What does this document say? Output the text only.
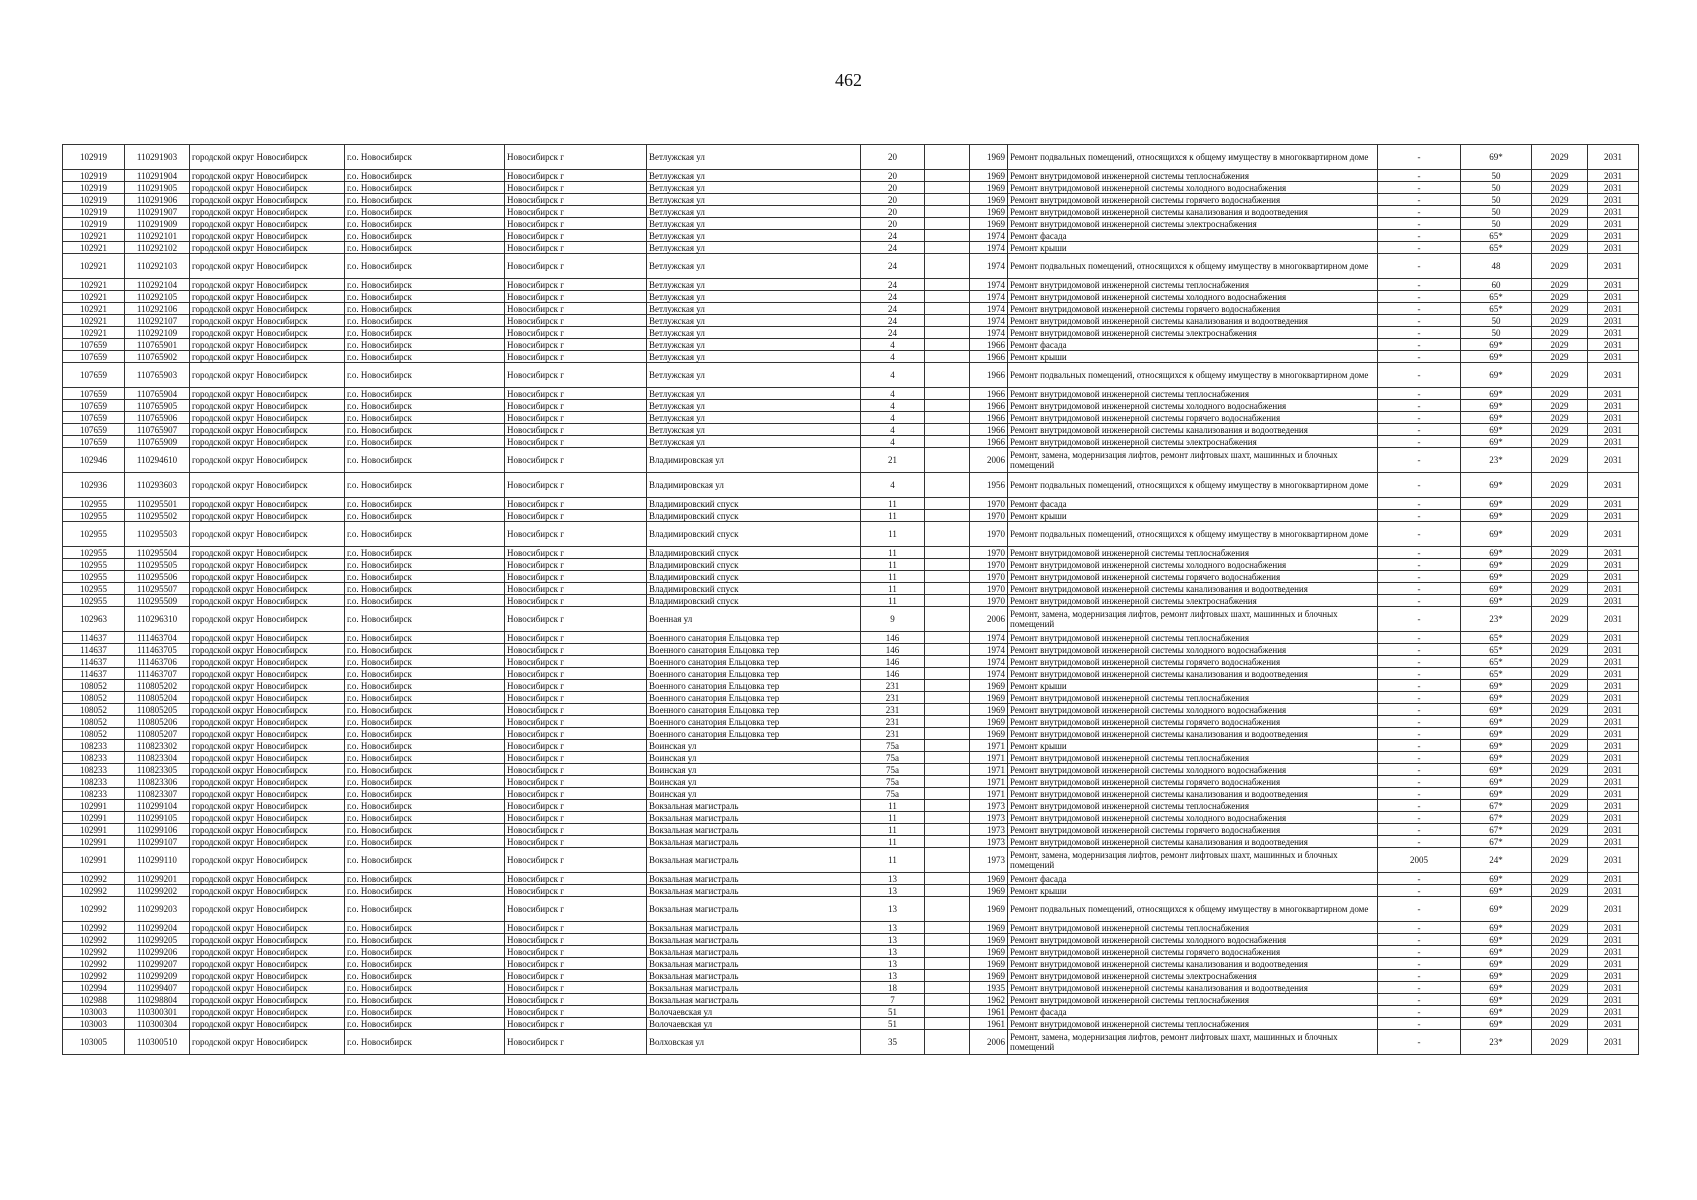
462
102919	110291903	городской округ Новосибирск	г.о. Новосибирск	Новосибирск г	Ветлужская ул	20		1969	Ремонт подвальных помещений, относящихся к общему имуществу в многоквартирном доме	-	69*	2029	2031
102919	110291904	городской округ Новосибирск	г.о. Новосибирск	Новосибирск г	Ветлужская ул	20		1969	Ремонт внутридомовой инженерной системы теплоснабжения	-	50	2029	2031
102919	110291905	городской округ Новосибирск	г.о. Новосибирск	Новосибирск г	Ветлужская ул	20		1969	Ремонт внутридомовой инженерной системы холодного водоснабжения	-	50	2029	2031
102919	110291906	городской округ Новосибирск	г.о. Новосибирск	Новосибирск г	Ветлужская ул	20		1969	Ремонт внутридомовой инженерной системы горячего водоснабжения	-	50	2029	2031
102919	110291907	городской округ Новосибирск	г.о. Новосибирск	Новосибирск г	Ветлужская ул	20		1969	Ремонт внутридомовой инженерной системы канализования и водоотведения	-	50	2029	2031
102919	110291909	городской округ Новосибирск	г.о. Новосибирск	Новосибирск г	Ветлужская ул	20		1969	Ремонт внутридомовой инженерной системы электроснабжения	-	50	2029	2031
102921	110292101	городской округ Новосибирск	г.о. Новосибирск	Новосибирск г	Ветлужская ул	24		1974	Ремонт фасада	-	65*	2029	2031
102921	110292102	городской округ Новосибирск	г.о. Новосибирск	Новосибирск г	Ветлужская ул	24		1974	Ремонт крыши	-	65*	2029	2031
102921	110292103	городской округ Новосибирск	г.о. Новосибирск	Новосибирск г	Ветлужская ул	24		1974	Ремонт подвальных помещений, относящихся к общему имуществу в многоквартирном доме	-	48	2029	2031
102921	110292104	городской округ Новосибирск	г.о. Новосибирск	Новосибирск г	Ветлужская ул	24		1974	Ремонт внутридомовой инженерной системы теплоснабжения	-	60	2029	2031
102921	110292105	городской округ Новосибирск	г.о. Новосибирск	Новосибирск г	Ветлужская ул	24		1974	Ремонт внутридомовой инженерной системы холодного водоснабжения	-	65*	2029	2031
102921	110292106	городской округ Новосибирск	г.о. Новосибирск	Новосибирск г	Ветлужская ул	24		1974	Ремонт внутридомовой инженерной системы горячего водоснабжения	-	65*	2029	2031
102921	110292107	городской округ Новосибирск	г.о. Новосибирск	Новосибирск г	Ветлужская ул	24		1974	Ремонт внутридомовой инженерной системы канализования и водоотведения	-	50	2029	2031
102921	110292109	городской округ Новосибирск	г.о. Новосибирск	Новосибирск г	Ветлужская ул	24		1974	Ремонт внутридомовой инженерной системы электроснабжения	-	50	2029	2031
107659	110765901	городской округ Новосибирск	г.о. Новосибирск	Новосибирск г	Ветлужская ул	4		1966	Ремонт фасада	-	69*	2029	2031
107659	110765902	городской округ Новосибирск	г.о. Новосибирск	Новосибирск г	Ветлужская ул	4		1966	Ремонт крыши	-	69*	2029	2031
107659	110765903	городской округ Новосибирск	г.о. Новосибирск	Новосибирск г	Ветлужская ул	4		1966	Ремонт подвальных помещений, относящихся к общему имуществу в многоквартирном доме	-	69*	2029	2031
107659	110765904	городской округ Новосибирск	г.о. Новосибирск	Новосибирск г	Ветлужская ул	4		1966	Ремонт внутридомовой инженерной системы теплоснабжения	-	69*	2029	2031
107659	110765905	городской округ Новосибирск	г.о. Новосибирск	Новосибирск г	Ветлужская ул	4		1966	Ремонт внутридомовой инженерной системы холодного водоснабжения	-	69*	2029	2031
107659	110765906	городской округ Новосибирск	г.о. Новосибирск	Новосибирск г	Ветлужская ул	4		1966	Ремонт внутридомовой инженерной системы горячего водоснабжения	-	69*	2029	2031
107659	110765907	городской округ Новосибирск	г.о. Новосибирск	Новосибирск г	Ветлужская ул	4		1966	Ремонт внутридомовой инженерной системы канализования и водоотведения	-	69*	2029	2031
107659	110765909	городской округ Новосибирск	г.о. Новосибирск	Новосибирск г	Ветлужская ул	4		1966	Ремонт внутридомовой инженерной системы электроснабжения	-	69*	2029	2031
102946	110294610	городской округ Новосибирск	г.о. Новосибирск	Новосибирск г	Владимировская ул	21		2006	Ремонт, замена, модернизация лифтов, ремонт лифтовых шахт, машинных и блочных помещений	-	23*	2029	2031
102936	110293603	городской округ Новосибирск	г.о. Новосибирск	Новосибирск г	Владимировская ул	4		1956	Ремонт подвальных помещений, относящихся к общему имуществу в многоквартирном доме	-	69*	2029	2031
102955	110295501	городской округ Новосибирск	г.о. Новосибирск	Новосибирск г	Владимировский спуск	11		1970	Ремонт фасада	-	69*	2029	2031
102955	110295502	городской округ Новосибирск	г.о. Новосибирск	Новосибирск г	Владимировский спуск	11		1970	Ремонт крыши	-	69*	2029	2031
102955	110295503	городской округ Новосибирск	г.о. Новосибирск	Новосибирск г	Владимировский спуск	11		1970	Ремонт подвальных помещений, относящихся к общему имуществу в многоквартирном доме	-	69*	2029	2031
102955	110295504	городской округ Новосибирск	г.о. Новосибирск	Новосибирск г	Владимировский спуск	11		1970	Ремонт внутридомовой инженерной системы теплоснабжения	-	69*	2029	2031
102955	110295505	городской округ Новосибирск	г.о. Новосибирск	Новосибирск г	Владимировский спуск	11		1970	Ремонт внутридомовой инженерной системы холодного водоснабжения	-	69*	2029	2031
102955	110295506	городской округ Новосибирск	г.о. Новосибирск	Новосибирск г	Владимировский спуск	11		1970	Ремонт внутридомовой инженерной системы горячего водоснабжения	-	69*	2029	2031
102955	110295507	городской округ Новосибирск	г.о. Новосибирск	Новосибирск г	Владимировский спуск	11		1970	Ремонт внутридомовой инженерной системы канализования и водоотведения	-	69*	2029	2031
102955	110295509	городской округ Новосибирск	г.о. Новосибирск	Новосибирск г	Владимировский спуск	11		1970	Ремонт внутридомовой инженерной системы электроснабжения	-	69*	2029	2031
102963	110296310	городской округ Новосибирск	г.о. Новосибирск	Новосибирск г	Военная ул	9		2006	Ремонт, замена, модернизация лифтов, ремонт лифтовых шахт, машинных и блочных помещений	-	23*	2029	2031
114637	111463704	городской округ Новосибирск	г.о. Новосибирск	Новосибирск г	Военного санатория Ельцовка тер	146		1974	Ремонт внутридомовой инженерной системы теплоснабжения	-	65*	2029	2031
114637	111463705	городской округ Новосибирск	г.о. Новосибирск	Новосибирск г	Военного санатория Ельцовка тер	146		1974	Ремонт внутридомовой инженерной системы холодного водоснабжения	-	65*	2029	2031
114637	111463706	городской округ Новосибирск	г.о. Новосибирск	Новосибирск г	Военного санатория Ельцовка тер	146		1974	Ремонт внутридомовой инженерной системы горячего водоснабжения	-	65*	2029	2031
114637	111463707	городской округ Новосибирск	г.о. Новосибирск	Новосибирск г	Военного санатория Ельцовка тер	146		1974	Ремонт внутридомовой инженерной системы канализования и водоотведения	-	65*	2029	2031
108052	110805202	городской округ Новосибирск	г.о. Новосибирск	Новосибирск г	Военного санатория Ельцовка тер	231		1969	Ремонт крыши	-	69*	2029	2031
108052	110805204	городской округ Новосибирск	г.о. Новосибирск	Новосибирск г	Военного санатория Ельцовка тер	231		1969	Ремонт внутридомовой инженерной системы теплоснабжения	-	69*	2029	2031
108052	110805205	городской округ Новосибирск	г.о. Новосибирск	Новосибирск г	Военного санатория Ельцовка тер	231		1969	Ремонт внутридомовой инженерной системы холодного водоснабжения	-	69*	2029	2031
108052	110805206	городской округ Новосибирск	г.о. Новосибирск	Новосибирск г	Военного санатория Ельцовка тер	231		1969	Ремонт внутридомовой инженерной системы горячего водоснабжения	-	69*	2029	2031
108052	110805207	городской округ Новосибирск	г.о. Новосибирск	Новосибирск г	Военного санатория Ельцовка тер	231		1969	Ремонт внутридомовой инженерной системы канализования и водоотведения	-	69*	2029	2031
108233	110823302	городской округ Новосибирск	г.о. Новосибирск	Новосибирск г	Воинская ул	75а		1971	Ремонт крыши	-	69*	2029	2031
108233	110823304	городской округ Новосибирск	г.о. Новосибирск	Новосибирск г	Воинская ул	75а		1971	Ремонт внутридомовой инженерной системы теплоснабжения	-	69*	2029	2031
108233	110823305	городской округ Новосибирск	г.о. Новосибирск	Новосибирск г	Воинская ул	75а		1971	Ремонт внутридомовой инженерной системы холодного водоснабжения	-	69*	2029	2031
108233	110823306	городской округ Новосибирск	г.о. Новосибирск	Новосибирск г	Воинская ул	75а		1971	Ремонт внутридомовой инженерной системы горячего водоснабжения	-	69*	2029	2031
108233	110823307	городской округ Новосибирск	г.о. Новосибирск	Новосибирск г	Воинская ул	75а		1971	Ремонт внутридомовой инженерной системы канализования и водоотведения	-	69*	2029	2031
102991	110299104	городской округ Новосибирск	г.о. Новосибирск	Новосибирск г	Вокзальная магистраль	11		1973	Ремонт внутридомовой инженерной системы теплоснабжения	-	67*	2029	2031
102991	110299105	городской округ Новосибирск	г.о. Новосибирск	Новосибирск г	Вокзальная магистраль	11		1973	Ремонт внутридомовой инженерной системы холодного водоснабжения	-	67*	2029	2031
102991	110299106	городской округ Новосибирск	г.о. Новосибирск	Новосибирск г	Вокзальная магистраль	11		1973	Ремонт внутридомовой инженерной системы горячего водоснабжения	-	67*	2029	2031
102991	110299107	городской округ Новосибирск	г.о. Новосибирск	Новосибирск г	Вокзальная магистраль	11		1973	Ремонт внутридомовой инженерной системы канализования и водоотведения	-	67*	2029	2031
102991	110299110	городской округ Новосибирск	г.о. Новосибирск	Новосибирск г	Вокзальная магистраль	11		1973	Ремонт, замена, модернизация лифтов, ремонт лифтовых шахт, машинных и блочных помещений	2005	24*	2029	2031
102992	110299201	городской округ Новосибирск	г.о. Новосибирск	Новосибирск г	Вокзальная магистраль	13		1969	Ремонт фасада	-	69*	2029	2031
102992	110299202	городской округ Новосибирск	г.о. Новосибирск	Новосибирск г	Вокзальная магистраль	13		1969	Ремонт крыши	-	69*	2029	2031
102992	110299203	городской округ Новосибирск	г.о. Новосибирск	Новосибирск г	Вокзальная магистраль	13		1969	Ремонт подвальных помещений, относящихся к общему имуществу в многоквартирном доме	-	69*	2029	2031
102992	110299204	городской округ Новосибирск	г.о. Новосибирск	Новосибирск г	Вокзальная магистраль	13		1969	Ремонт внутридомовой инженерной системы теплоснабжения	-	69*	2029	2031
102992	110299205	городской округ Новосибирск	г.о. Новосибирск	Новосибирск г	Вокзальная магистраль	13		1969	Ремонт внутридомовой инженерной системы холодного водоснабжения	-	69*	2029	2031
102992	110299206	городской округ Новосибирск	г.о. Новосибирск	Новосибирск г	Вокзальная магистраль	13		1969	Ремонт внутридомовой инженерной системы горячего водоснабжения	-	69*	2029	2031
102992	110299207	городской округ Новосибирск	г.о. Новосибирск	Новосибирск г	Вокзальная магистраль	13		1969	Ремонт внутридомовой инженерной системы канализования и водоотведения	-	69*	2029	2031
102992	110299209	городской округ Новосибирск	г.о. Новосибирск	Новосибирск г	Вокзальная магистраль	13		1969	Ремонт внутридомовой инженерной системы электроснабжения	-	69*	2029	2031
102994	110299407	городской округ Новосибирск	г.о. Новосибирск	Новосибирск г	Вокзальная магистраль	18		1935	Ремонт внутридомовой инженерной системы канализования и водоотведения	-	69*	2029	2031
102988	110298804	городской округ Новосибирск	г.о. Новосибирск	Новосибирск г	Вокзальная магистраль	7		1962	Ремонт внутридомовой инженерной системы теплоснабжения	-	69*	2029	2031
103003	110300301	городской округ Новосибирск	г.о. Новосибирск	Новосибирск г	Волочаевская ул	51		1961	Ремонт фасада	-	69*	2029	2031
103003	110300304	городской округ Новосибирск	г.о. Новосибирск	Новосибирск г	Волочаевская ул	51		1961	Ремонт внутридомовой инженерной системы теплоснабжения	-	69*	2029	2031
103005	110300510	городской округ Новосибирск	г.о. Новосибирск	Новосибирск г	Волховская ул	35		2006	Ремонт, замена, модернизация лифтов, ремонт лифтовых шахт, машинных и блочных помещений	-	23*	2029	2031
